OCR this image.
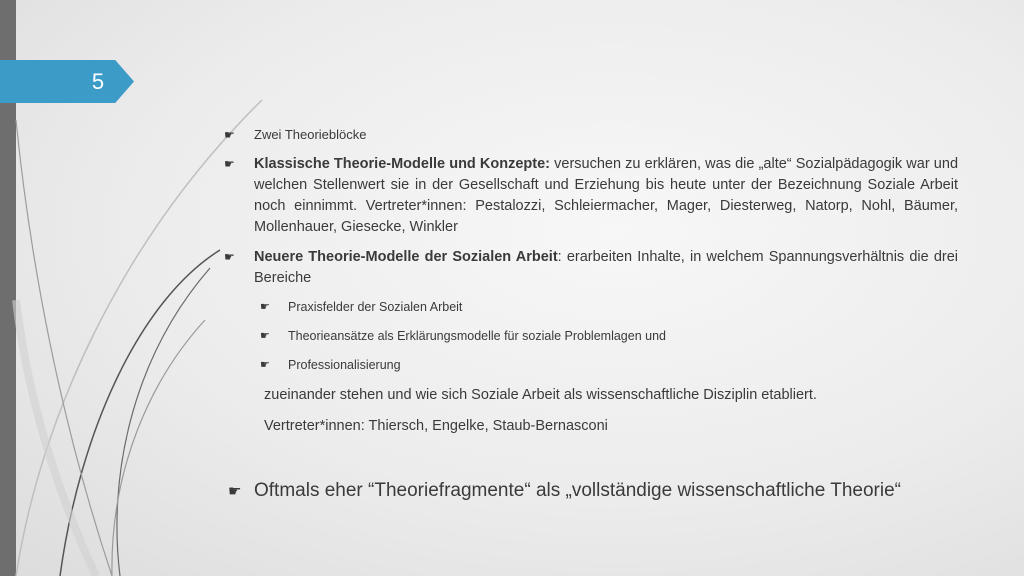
5
☛ Zwei Theorieblöcke
☛ Klassische Theorie-Modelle und Konzepte: versuchen zu erklären, was die „alte“ Sozialpädagogik war und welchen Stellenwert sie in der Gesellschaft und Erziehung bis heute unter der Bezeichnung Soziale Arbeit noch einnimmt. Vertreter*innen: Pestalozzi, Schleiermacher, Mager, Diesterweg, Natorp, Nohl, Bäumer, Mollenhauer, Giesecke, Winkler
☛ Neuere Theorie-Modelle der Sozialen Arbeit: erarbeiten Inhalte, in welchem Spannungsverhältnis die drei Bereiche
☛ Praxisfelder der Sozialen Arbeit
☛ Theorieansätze als Erklärungsmodelle für soziale Problemlagen und
☛ Professionalisierung
zueinander stehen und wie sich Soziale Arbeit als wissenschaftliche Disziplin etabliert.
Vertreter*innen: Thiersch, Engelke, Staub-Bernasconi
☛ Oftmals eher “Theoriefragmente“ als „vollständige wissenschaftliche Theorie“
